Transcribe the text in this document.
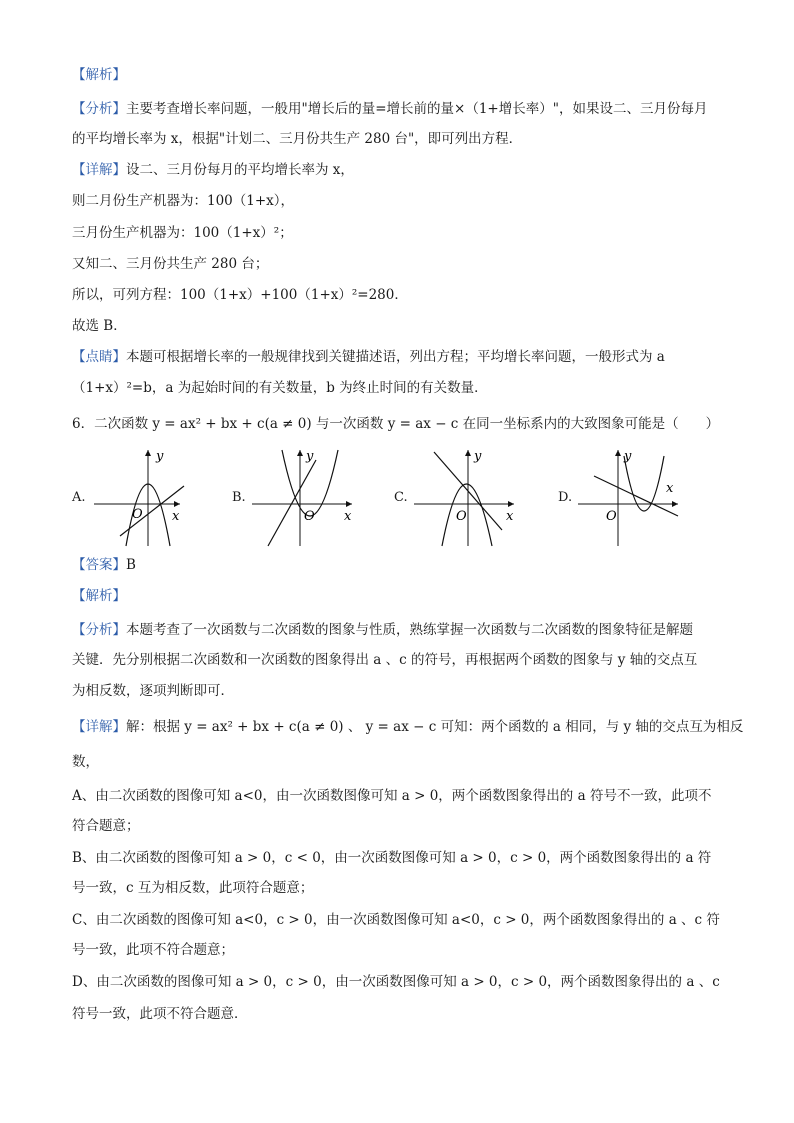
【解析】
【分析】主要考查增长率问题，一般用"增长后的量=增长前的量×（1+增长率）"，如果设二、三月份每月
的平均增长率为 x，根据"计划二、三月份共生产 280 台"，即可列出方程．
【详解】设二、三月份每月的平均增长率为 x，
则二月份生产机器为：100（1+x），
三月份生产机器为：100（1+x）²；
又知二、三月份共生产 280 台；
所以，可列方程：100（1+x）+100（1+x）²=280．
故选 B．
【点睛】本题可根据增长率的一般规律找到关键描述语，列出方程；平均增长率问题，一般形式为 a
（1+x）²=b，a 为起始时间的有关数量，b 为终止时间的有关数量．
6．二次函数 y = ax² + bx + c(a ≠ 0) 与一次函数 y = ax − c 在同一坐标系内的大致图象可能是（　　）
A.
y
x
O
B.
y
x
O
C.
y
x
O
D.
y
x
O
【答案】B
【解析】
【分析】本题考查了一次函数与二次函数的图象与性质，熟练掌握一次函数与二次函数的图象特征是解题
关键．先分别根据二次函数和一次函数的图象得出 a 、c 的符号，再根据两个函数的图象与 y 轴的交点互
为相反数，逐项判断即可．
【详解】解：根据 y = ax² + bx + c(a ≠ 0) 、 y = ax − c 可知：两个函数的 a 相同，与 y 轴的交点互为相反
数，
A、由二次函数的图像可知 a<0，由一次函数图像可知 a > 0，两个函数图象得出的 a 符号不一致，此项不
符合题意；
B、由二次函数的图像可知 a > 0，c < 0，由一次函数图像可知 a > 0，c > 0，两个函数图象得出的 a 符
号一致，c 互为相反数，此项符合题意；
C、由二次函数的图像可知 a<0，c > 0，由一次函数图像可知 a<0，c > 0，两个函数图象得出的 a 、c 符
号一致，此项不符合题意；
D、由二次函数的图像可知 a > 0，c > 0，由一次函数图像可知 a > 0，c > 0，两个函数图象得出的 a 、c
符号一致，此项不符合题意．
